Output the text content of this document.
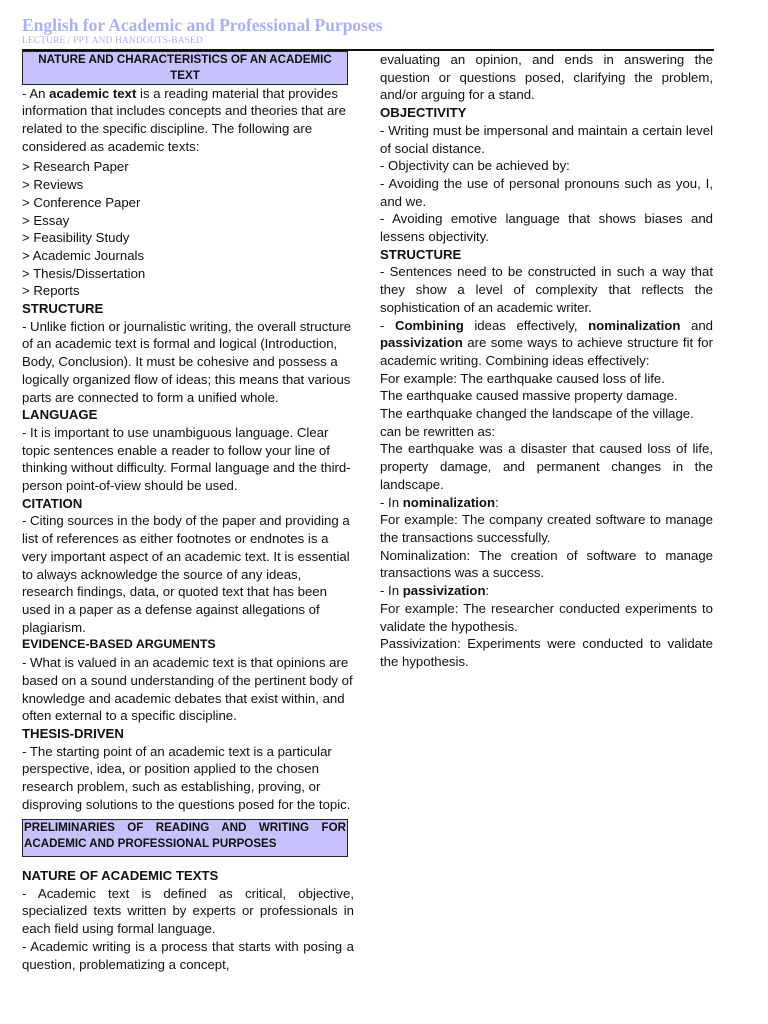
English for Academic and Professional Purposes
LECTURE / PPT AND HANDOUTS-BASED
NATURE AND CHARACTERISTICS OF AN ACADEMIC TEXT

- An academic text is a reading material that provides information that includes concepts and theories that are related to the specific discipline. The following are considered as academic texts:

> Research Paper
> Reviews
> Conference Paper
> Essay
> Feasibility Study
> Academic Journals
> Thesis/Dissertation
> Reports

STRUCTURE

- Unlike fiction or journalistic writing, the overall structure of an academic text is formal and logical (Introduction, Body, Conclusion). It must be cohesive and possess a logically organized flow of ideas; this means that various parts are connected to form a unified whole.

LANGUAGE

- It is important to use unambiguous language. Clear topic sentences enable a reader to follow your line of thinking without difficulty. Formal language and the third-person point-of-view should be used.

CITATION

- Citing sources in the body of the paper and providing a list of references as either footnotes or endnotes is a very important aspect of an academic text. It is essential to always acknowledge the source of any ideas, research findings, data, or quoted text that has been used in a paper as a defense against allegations of plagiarism.

EVIDENCE-BASED ARGUMENTS

- What is valued in an academic text is that opinions are based on a sound understanding of the pertinent body of knowledge and academic debates that exist within, and often external to a specific discipline.

THESIS-DRIVEN

- The starting point of an academic text is a particular perspective, idea, or position applied to the chosen research problem, such as establishing, proving, or disproving solutions to the questions posed for the topic.

PRELIMINARIES OF READING AND WRITING FOR ACADEMIC AND PROFESSIONAL PURPOSES

NATURE OF ACADEMIC TEXTS

- Academic text is defined as critical, objective, specialized texts written by experts or professionals in each field using formal language.

- Academic writing is a process that starts with posing a question, problematizing a concept,

evaluating an opinion, and ends in answering the question or questions posed, clarifying the problem, and/or arguing for a stand.

OBJECTIVITY

- Writing must be impersonal and maintain a certain level of social distance.

- Objectivity can be achieved by:

- Avoiding the use of personal pronouns such as you, I, and we.

- Avoiding emotive language that shows biases and lessens objectivity.

STRUCTURE

- Sentences need to be constructed in such a way that they show a level of complexity that reflects the sophistication of an academic writer.

- Combining ideas effectively, nominalization and passivization are some ways to achieve structure fit for academic writing. Combining ideas effectively:

For example: The earthquake caused loss of life.

The earthquake caused massive property damage.

The earthquake changed the landscape of the village.

can be rewritten as:

The earthquake was a disaster that caused loss of life, property damage, and permanent changes in the landscape.

- In nominalization:

For example: The company created software to manage the transactions successfully.

Nominalization: The creation of software to manage transactions was a success.

- In passivization:

For example: The researcher conducted experiments to validate the hypothesis.

Passivization: Experiments were conducted to validate the hypothesis.
